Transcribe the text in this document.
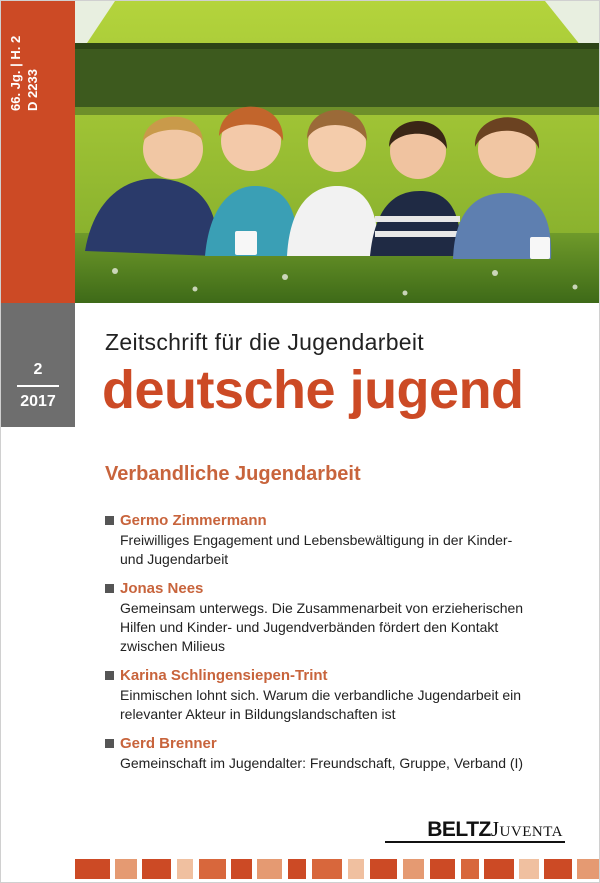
66. Jg. | H. 2 D 2233
2
2017
Zeitschrift für die Jugendarbeit
deutsche jugend
Verbandliche Jugendarbeit
Germo Zimmermann
Freiwilliges Engagement und Lebensbewältigung in der Kinder-
und Jugendarbeit
Jonas Nees
Gemeinsam unterwegs. Die Zusammenarbeit von erzieherischen
Hilfen und Kinder- und Jugendverbänden fördert den Kontakt
zwischen Milieus
Karina Schlingensiepen-Trint
Einmischen lohnt sich. Warum die verbandliche Jugendarbeit ein
relevanter Akteur in Bildungslandschaften ist
Gerd Brenner
Gemeinschaft im Jugendalter: Freundschaft, Gruppe, Verband (I)
BELTZJuventa
